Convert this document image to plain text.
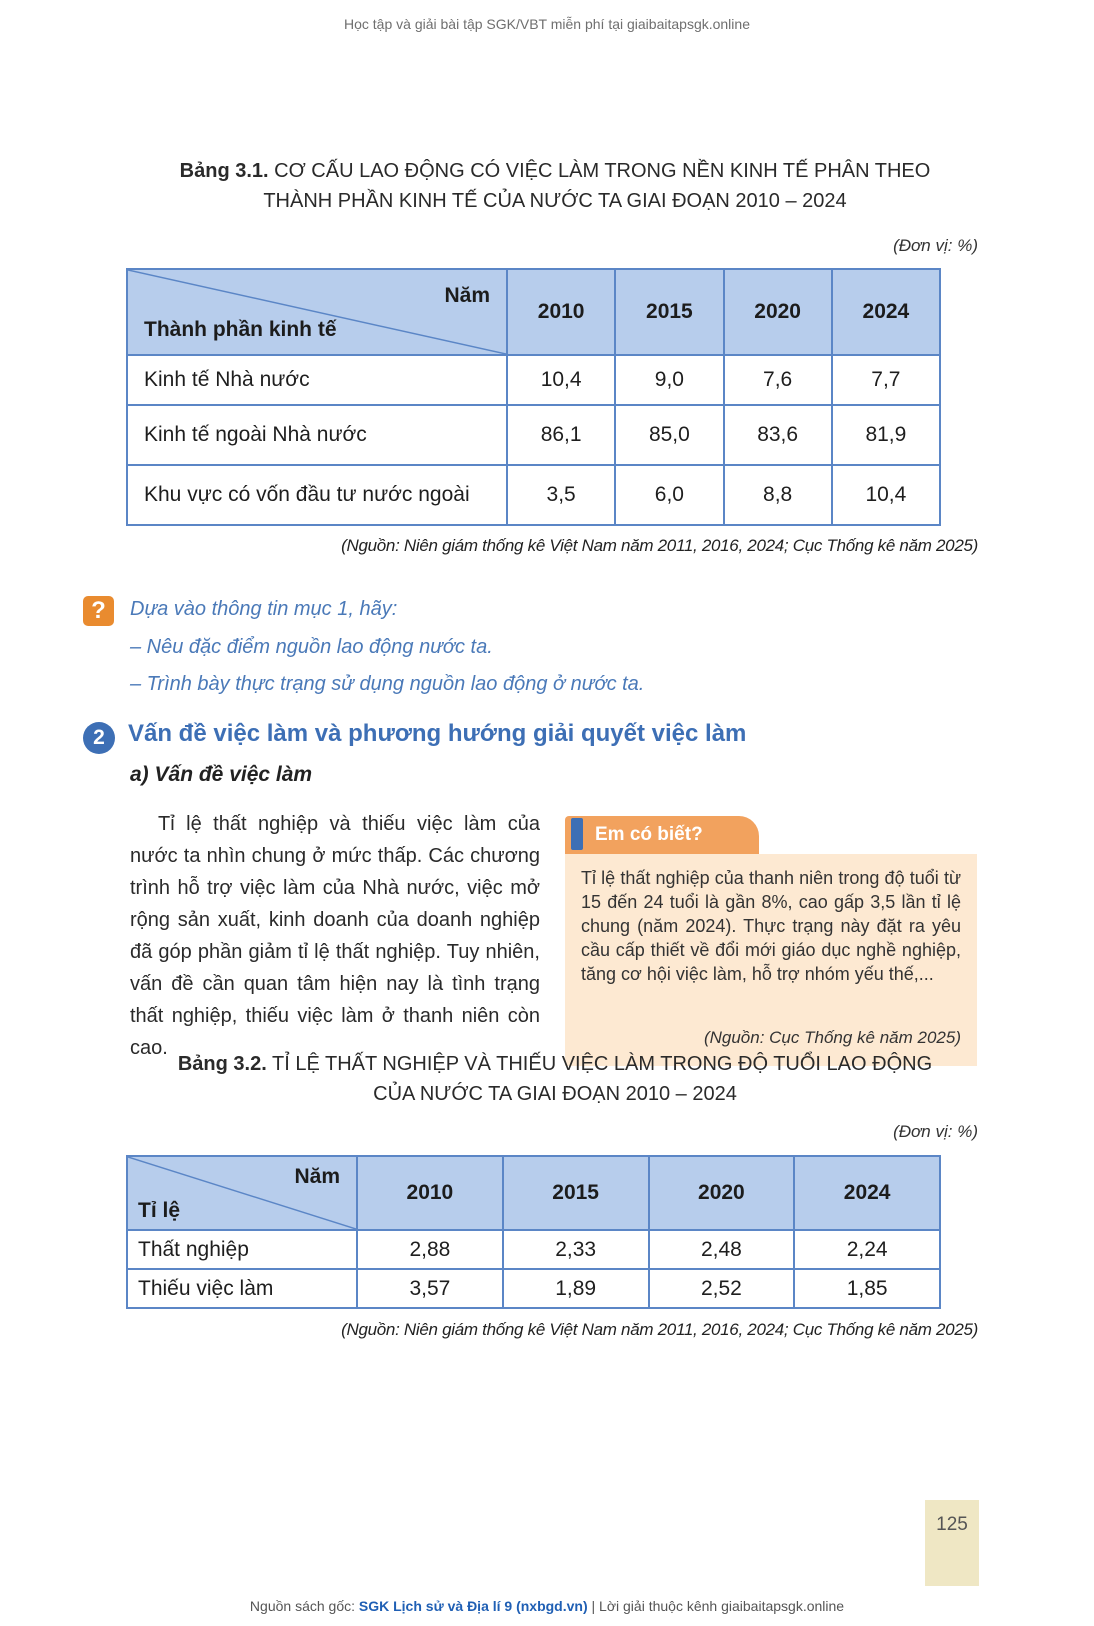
Học tập và giải bài tập SGK/VBT miễn phí tại giaibaitapsgk.online
Bảng 3.1. CƠ CẤU LAO ĐỘNG CÓ VIỆC LÀM TRONG NỀN KINH TẾ PHÂN THEO
THÀNH PHẦN KINH TẾ CỦA NƯỚC TA GIAI ĐOẠN 2010 – 2024
(Đơn vị: %)
Năm
Thành phần kinh tế	2010	2015	2020	2024
Kinh tế Nhà nước	10,4	9,0	7,6	7,7
Kinh tế ngoài Nhà nước	86,1	85,0	83,6	81,9
Khu vực có vốn đầu tư nước ngoài	3,5	6,0	8,8	10,4
(Nguồn: Niên giám thống kê Việt Nam năm 2011, 2016, 2024; Cục Thống kê năm 2025)
?	Dựa vào thông tin mục 1, hãy:
– Nêu đặc điểm nguồn lao động nước ta.
– Trình bày thực trạng sử dụng nguồn lao động ở nước ta.
2 Vấn đề việc làm và phương hướng giải quyết việc làm
a) Vấn đề việc làm
Tỉ lệ thất nghiệp và thiếu việc làm của nước ta nhìn chung ở mức thấp. Các chương trình hỗ trợ việc làm của Nhà nước, việc mở rộng sản xuất, kinh doanh của doanh nghiệp đã góp phần giảm tỉ lệ thất nghiệp. Tuy nhiên, vấn đề cần quan tâm hiện nay là tình trạng thất nghiệp, thiếu việc làm ở thanh niên còn cao.
Em có biết?

Tỉ lệ thất nghiệp của thanh niên trong độ tuổi từ 15 đến 24 tuổi là gần 8%, cao gấp 3,5 lần tỉ lệ chung (năm 2024). Thực trạng này đặt ra yêu cầu cấp thiết về đổi mới giáo dục nghề nghiệp, tăng cơ hội việc làm, hỗ trợ nhóm yếu thế,...

(Nguồn: Cục Thống kê năm 2025)
Bảng 3.2. TỈ LỆ THẤT NGHIỆP VÀ THIẾU VIỆC LÀM TRONG ĐỘ TUỔI LAO ĐỘNG
CỦA NƯỚC TA GIAI ĐOẠN 2010 – 2024
(Đơn vị: %)
Năm
Tỉ lệ	2010	2015	2020	2024
Thất nghiệp	2,88	2,33	2,48	2,24
Thiếu việc làm	3,57	1,89	2,52	1,85
(Nguồn: Niên giám thống kê Việt Nam năm 2011, 2016, 2024; Cục Thống kê năm 2025)
125
Nguồn sách gốc: SGK Lịch sử và Địa lí 9 (nxbgd.vn) | Lời giải thuộc kênh giaibaitapsgk.online
